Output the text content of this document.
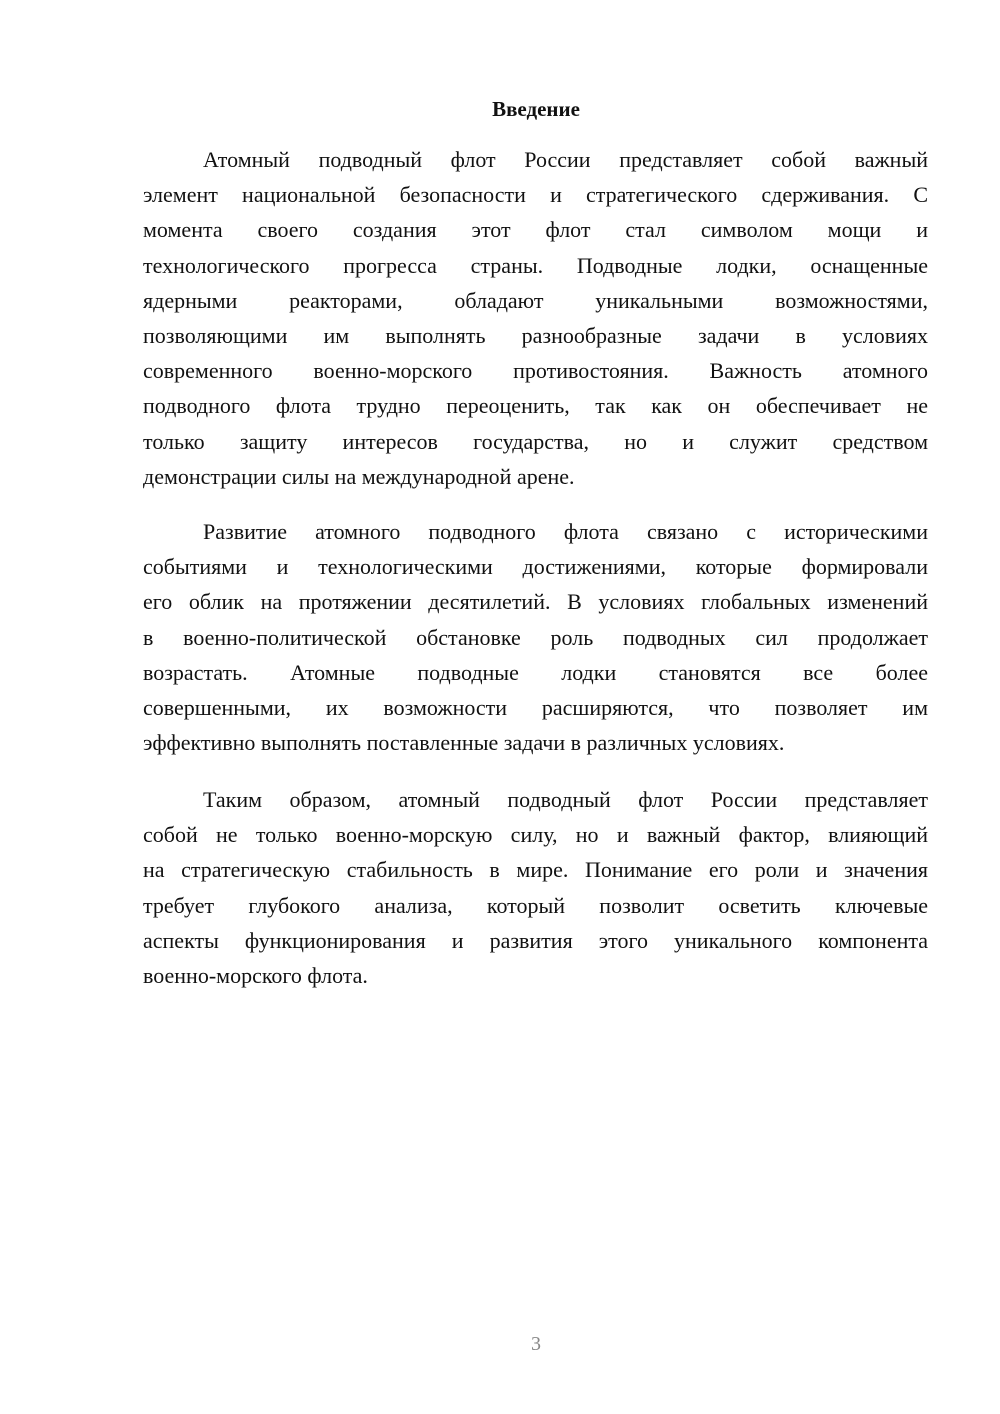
Введение
Атомный подводный флот России представляет собой важный
элемент национальной безопасности и стратегического сдерживания. С
момента своего создания этот флот стал символом мощи и
технологического прогресса страны. Подводные лодки, оснащенные
ядерными реакторами, обладают уникальными возможностями,
позволяющими им выполнять разнообразные задачи в условиях
современного военно-морского противостояния. Важность атомного
подводного флота трудно переоценить, так как он обеспечивает не
только защиту интересов государства, но и служит средством
демонстрации силы на международной арене.
Развитие атомного подводного флота связано с историческими
событиями и технологическими достижениями, которые формировали
его облик на протяжении десятилетий. В условиях глобальных изменений
в военно-политической обстановке роль подводных сил продолжает
возрастать. Атомные подводные лодки становятся все более
совершенными, их возможности расширяются, что позволяет им
эффективно выполнять поставленные задачи в различных условиях.
Таким образом, атомный подводный флот России представляет
собой не только военно-морскую силу, но и важный фактор, влияющий
на стратегическую стабильность в мире. Понимание его роли и значения
требует глубокого анализа, который позволит осветить ключевые
аспекты функционирования и развития этого уникального компонента
военно-морского флота.
3
